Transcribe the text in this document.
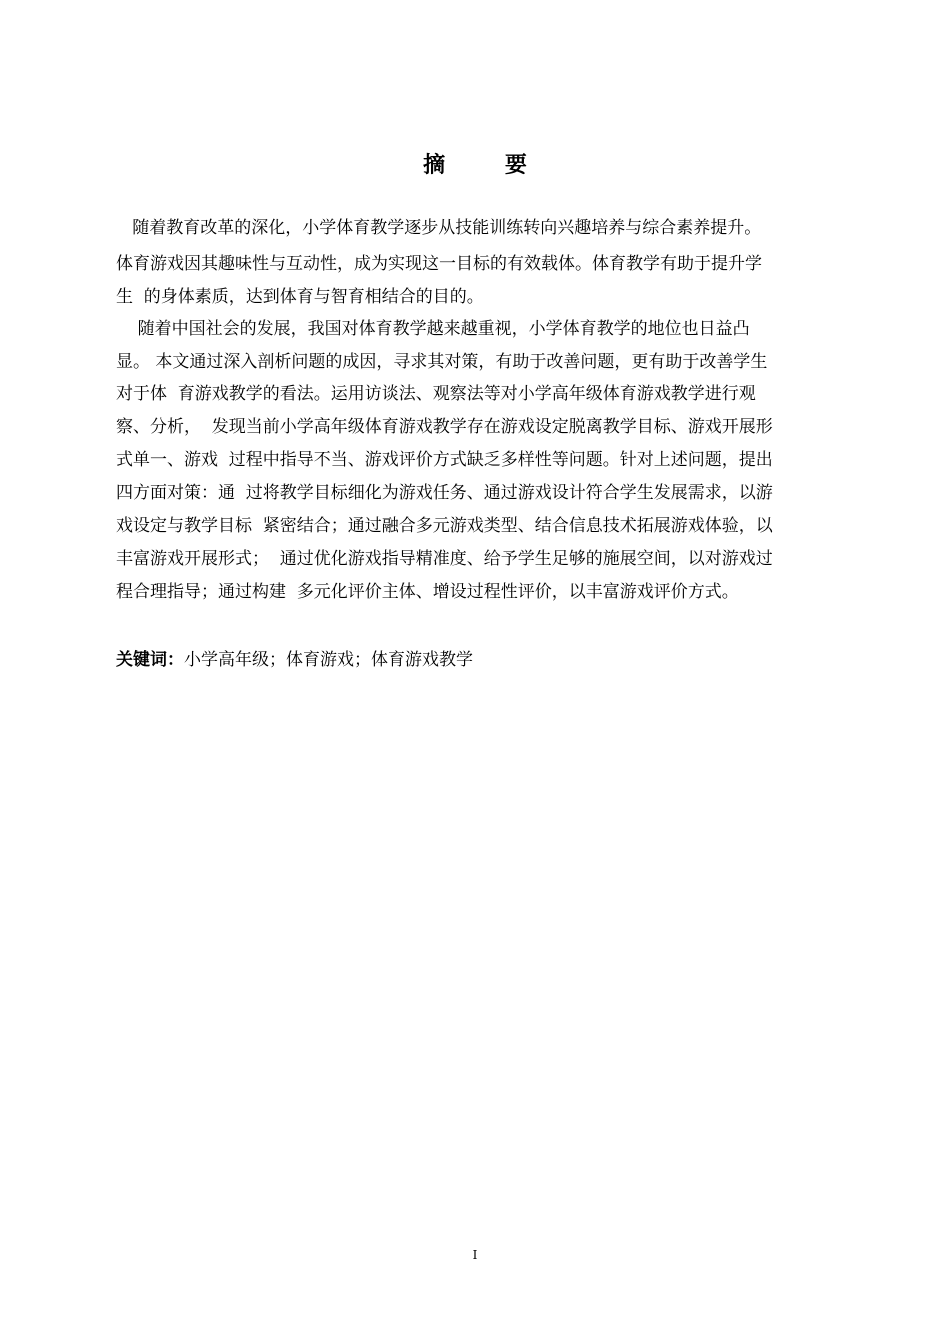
摘 要
随着教育改革的深化，小学体育教学逐步从技能训练转向兴趣培养与综合素养提升。
体育游戏因其趣味性与互动性，成为实现这一目标的有效载体。体育教学有助于提升学
生  的身体素质，达到体育与智育相结合的目的。
随着中国社会的发展，我国对体育教学越来越重视，小学体育教学的地位也日益凸
显。 本文通过深入剖析问题的成因，寻求其对策，有助于改善问题，更有助于改善学生
对于体  育游戏教学的看法。运用访谈法、观察法等对小学高年级体育游戏教学进行观
察、分析，  发现当前小学高年级体育游戏教学存在游戏设定脱离教学目标、游戏开展形
式单一、游戏  过程中指导不当、游戏评价方式缺乏多样性等问题。针对上述问题，提出
四方面对策：通  过将教学目标细化为游戏任务、通过游戏设计符合学生发展需求，以游
戏设定与教学目标  紧密结合；通过融合多元游戏类型、结合信息技术拓展游戏体验，以
丰富游戏开展形式；  通过优化游戏指导精准度、给予学生足够的施展空间，以对游戏过
程合理指导；通过构建  多元化评价主体、增设过程性评价，以丰富游戏评价方式。
关键词：小学高年级；体育游戏；体育游戏教学
I
